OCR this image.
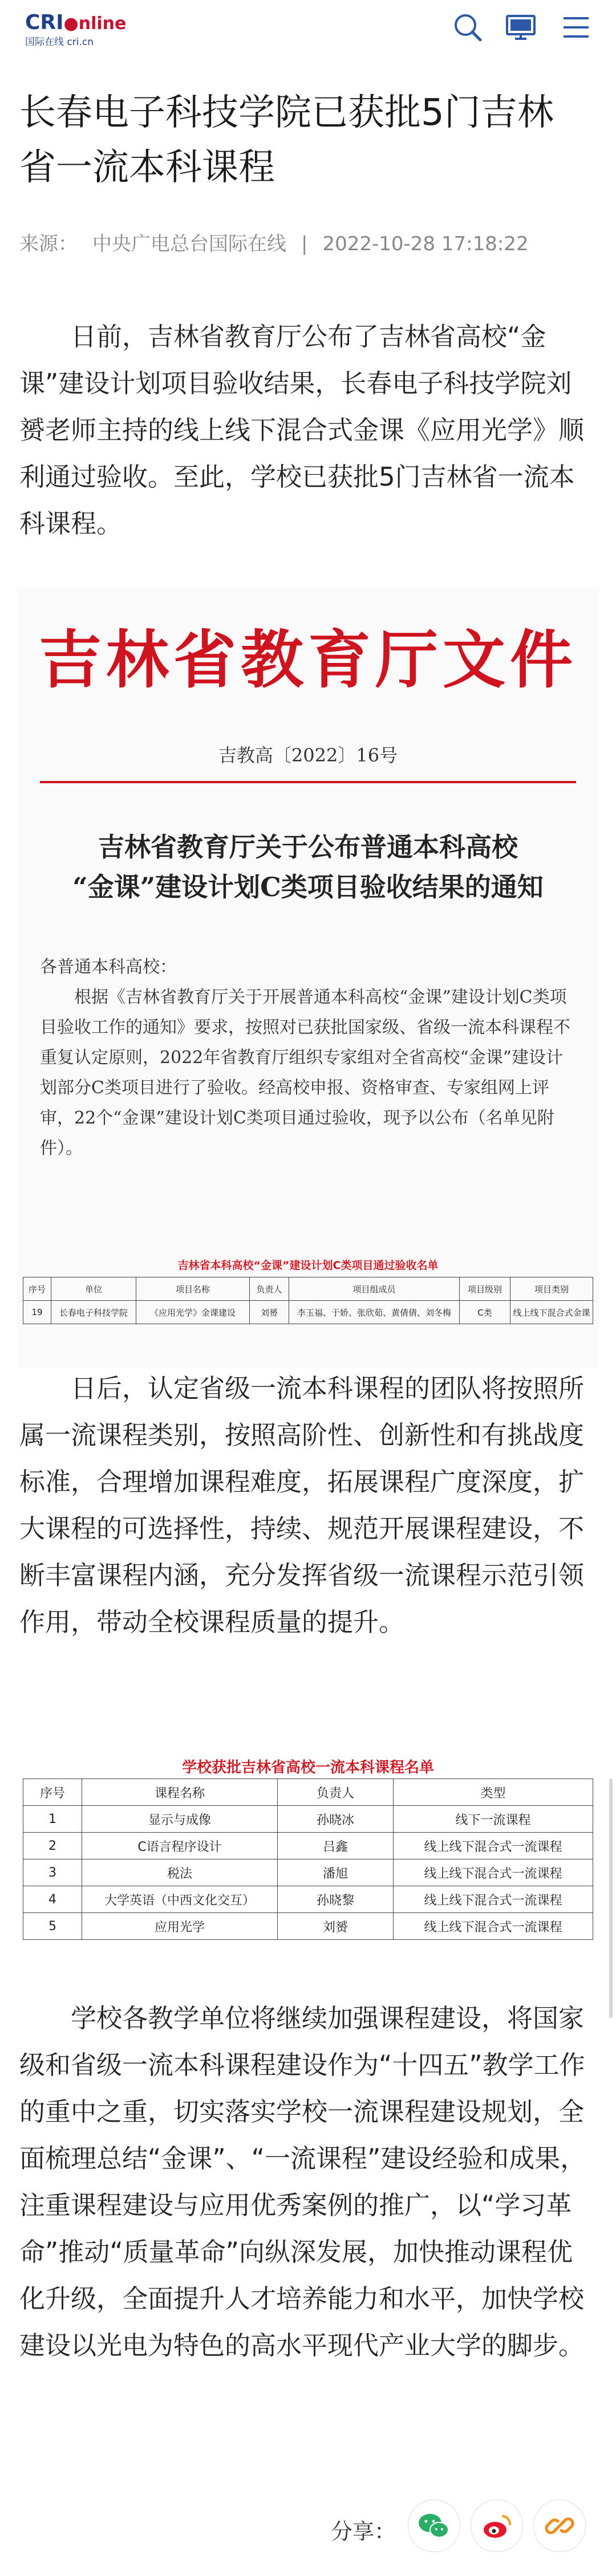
CRI●nline
国际在线 cri.cn
长春电子科技学院已获批5门吉林省一流本科课程
来源： 中央广电总台国际在线 | 2022-10-28 17:18:22

日前，吉林省教育厅公布了吉林省高校“金课”建设计划项目验收结果，长春电子科技学院刘赟老师主持的线上线下混合式金课《应用光学》顺利通过验收。至此，学校已获批5门吉林省一流本科课程。

吉林省教育厅文件
吉教高〔2022〕16号
吉林省教育厅关于公布普通本科高校
“金课”建设计划C类项目验收结果的通知

各普通本科高校：

根据《吉林省教育厅关于开展普通本科高校“金课”建设计划C类项目验收工作的通知》要求，按照对已获批国家级、省级一流本科课程不重复认定原则，2022年省教育厅组织专家组对全省高校“金课”建设计划部分C类项目进行了验收。经高校申报、资格审查、专家组网上评审，22个“金课”建设计划C类项目通过验收，现予以公布（名单见附件）。

吉林省本科高校“金课”建设计划C类项目通过验收名单
序号	单位	项目名称	负责人	项目组成员	项目级别	项目类别
19	长春电子科技学院	《应用光学》金课建设	刘赟	李玉福、于娇、张欣茹、黄倩倩、刘冬梅	C类	线上线下混合式金课

日后，认定省级一流本科课程的团队将按照所属一流课程类别，按照高阶性、创新性和有挑战度标准，合理增加课程难度，拓展课程广度深度，扩大课程的可选择性，持续、规范开展课程建设，不断丰富课程内涵，充分发挥省级一流课程示范引领作用，带动全校课程质量的提升。

学校获批吉林省高校一流本科课程名单
序号	课程名称	负责人	类型
1	显示与成像	孙晓冰	线下一流课程
2	C语言程序设计	吕鑫	线上线下混合式一流课程
3	税法	潘旭	线上线下混合式一流课程
4	大学英语（中西文化交互）	孙晓黎	线上线下混合式一流课程
5	应用光学	刘赟	线上线下混合式一流课程

学校各教学单位将继续加强课程建设，将国家级和省级一流本科课程建设作为“十四五”教学工作的重中之重，切实落实学校一流课程建设规划，全面梳理总结“金课”、“一流课程”建设经验和成果，注重课程建设与应用优秀案例的推广，以“学习革命”推动“质量革命”向纵深发展，加快推动课程优化升级，全面提升人才培养能力和水平，加快学校建设以光电为特色的高水平现代产业大学的脚步。

分享：
